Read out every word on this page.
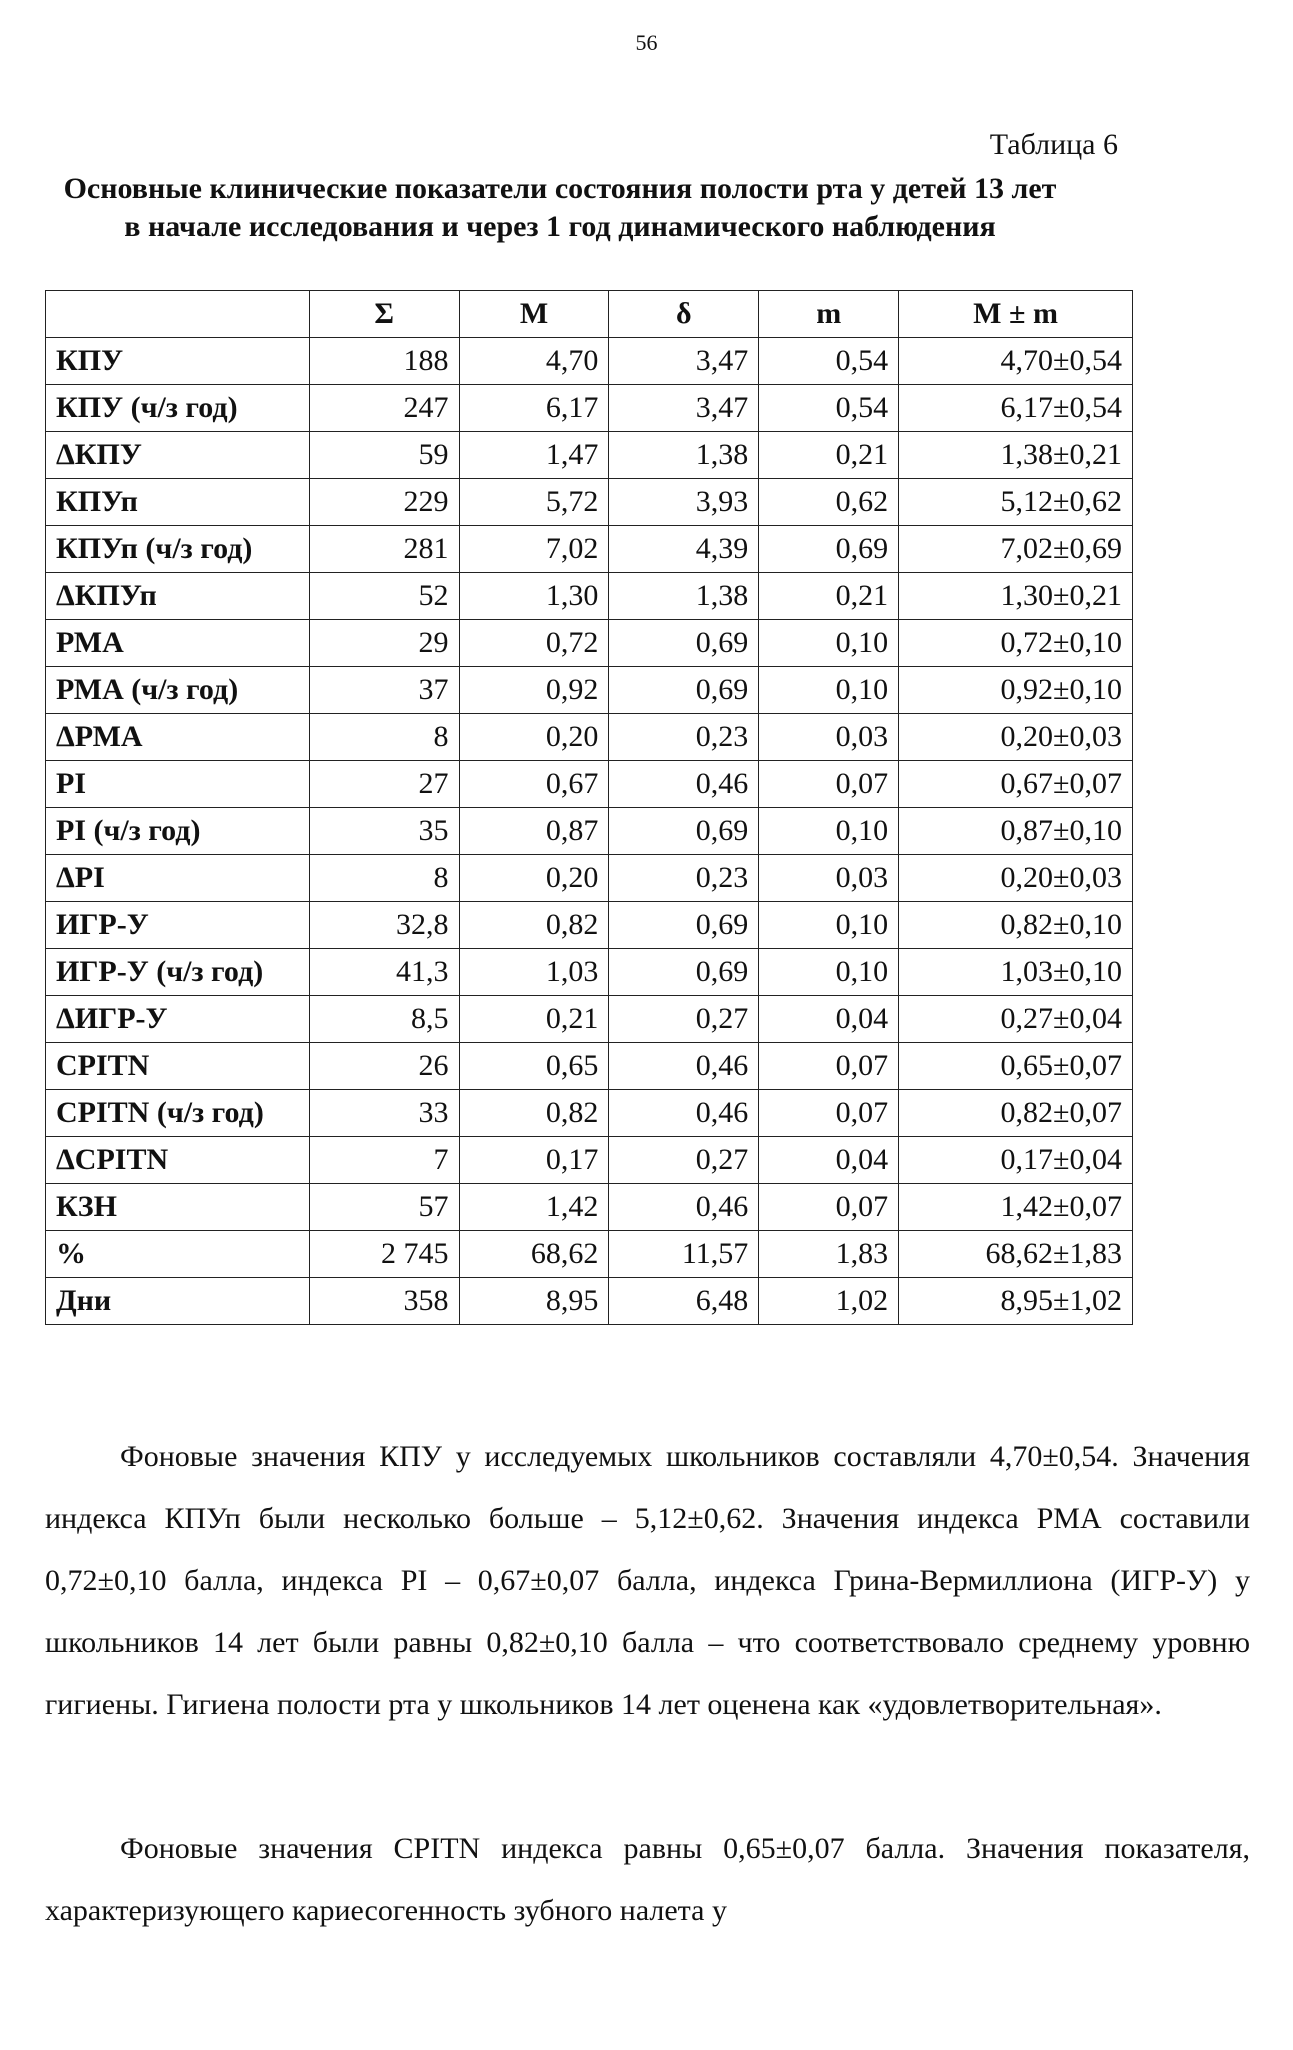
56
Таблица 6
Основные клинические показатели состояния полости рта у детей 13 лет в начале исследования и через 1 год динамического наблюдения
	Σ	M	δ	m	M ± m
КПУ	188	4,70	3,47	0,54	4,70±0,54
КПУ (ч/з год)	247	6,17	3,47	0,54	6,17±0,54
ΔКПУ	59	1,47	1,38	0,21	1,38±0,21
КПУп	229	5,72	3,93	0,62	5,12±0,62
КПУп (ч/з год)	281	7,02	4,39	0,69	7,02±0,69
ΔКПУп	52	1,30	1,38	0,21	1,30±0,21
РМА	29	0,72	0,69	0,10	0,72±0,10
РМА (ч/з год)	37	0,92	0,69	0,10	0,92±0,10
ΔРМА	8	0,20	0,23	0,03	0,20±0,03
PI	27	0,67	0,46	0,07	0,67±0,07
PI (ч/з год)	35	0,87	0,69	0,10	0,87±0,10
ΔPI	8	0,20	0,23	0,03	0,20±0,03
ИГР-У	32,8	0,82	0,69	0,10	0,82±0,10
ИГР-У (ч/з год)	41,3	1,03	0,69	0,10	1,03±0,10
ΔИГР-У	8,5	0,21	0,27	0,04	0,27±0,04
CPITN	26	0,65	0,46	0,07	0,65±0,07
CPITN (ч/з год)	33	0,82	0,46	0,07	0,82±0,07
ΔCPITN	7	0,17	0,27	0,04	0,17±0,04
КЗН	57	1,42	0,46	0,07	1,42±0,07
%	2 745	68,62	11,57	1,83	68,62±1,83
Дни	358	8,95	6,48	1,02	8,95±1,02

Фоновые значения КПУ у исследуемых школьников составляли 4,70±0,54. Значения индекса КПУп были несколько больше – 5,12±0,62. Значения индекса РМА составили 0,72±0,10 балла, индекса PI – 0,67±0,07 балла, индекса Грина-Вермиллиона (ИГР-У) у школьников 14 лет были равны 0,82±0,10 балла – что соответствовало среднему уровню гигиены. Гигиена полости рта у школьников 14 лет оценена как «удовлетворительная».

Фоновые значения CPITN индекса равны 0,65±0,07 балла. Значения показателя, характеризующего кариесогенность зубного налета у
